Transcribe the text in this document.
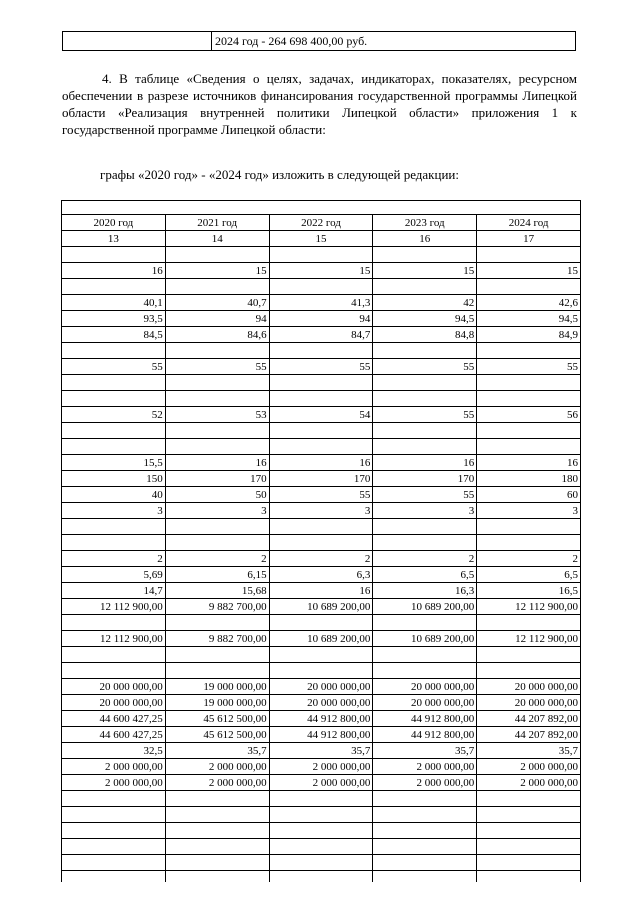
2024 год - 264 698 400,00 руб.

4. В таблице «Сведения о целях, задачах, индикаторах, показателях, ресурсном обеспечении в разрезе источников финансирования государственной программы Липецкой области «Реализация внутренней политики Липецкой области» приложения 1 к государственной программе Липецкой области:

графы «2020 год» - «2024 год» изложить в следующей редакции:

2020 год	2021 год	2022 год	2023 год	2024 год
13	14	15	16	17

16	15	15	15	15

40,1	40,7	41,3	42	42,6
93,5	94	94	94,5	94,5
84,5	84,6	84,7	84,8	84,9

55	55	55	55	55

52	53	54	55	56

15,5	16	16	16	16
150	170	170	170	180
40	50	55	55	60
3	3	3	3	3

2	2	2	2	2
5,69	6,15	6,3	6,5	6,5
14,7	15,68	16	16,3	16,5
12 112 900,00	9 882 700,00	10 689 200,00	10 689 200,00	12 112 900,00

12 112 900,00	9 882 700,00	10 689 200,00	10 689 200,00	12 112 900,00

20 000 000,00	19 000 000,00	20 000 000,00	20 000 000,00	20 000 000,00
20 000 000,00	19 000 000,00	20 000 000,00	20 000 000,00	20 000 000,00
44 600 427,25	45 612 500,00	44 912 800,00	44 912 800,00	44 207 892,00
44 600 427,25	45 612 500,00	44 912 800,00	44 912 800,00	44 207 892,00
32,5	35,7	35,7	35,7	35,7
2 000 000,00	2 000 000,00	2 000 000,00	2 000 000,00	2 000 000,00
2 000 000,00	2 000 000,00	2 000 000,00	2 000 000,00	2 000 000,00
